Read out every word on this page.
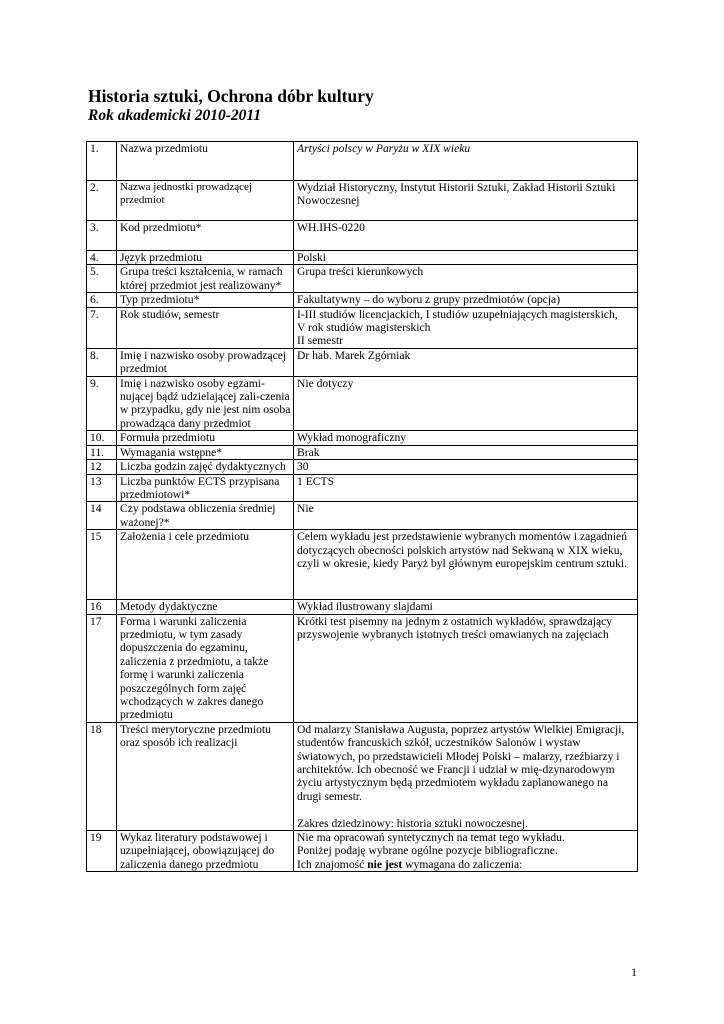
Historia sztuki, Ochrona dóbr kultury
Rok akademicki 2010-2011
1.	Nazwa przedmiotu	Artyści polscy w Paryżu w XIX wieku
2.	Nazwa jednostki prowadzącej przedmiot	Wydział Historyczny, Instytut Historii Sztuki, Zakład Historii Sztuki Nowoczesnej
3.	Kod przedmiotu*	WH.IHS-0220
4.	Język przedmiotu	Polski
5.	Grupa treści kształcenia, w ramach której przedmiot jest realizowany*	Grupa treści kierunkowych
6.	Typ przedmiotu*	Fakultatywny – do wyboru z grupy przedmiotów (opcja)
7.	Rok studiów, semestr	I-III studiów licencjackich, I studiów uzupełniających magisterskich,
V rok studiów magisterskich
II semestr

8.	Imię i nazwisko osoby prowadzącej przedmiot	Dr hab. Marek Zgórniak
9.	Imię i nazwisko osoby egzami-nującej bądź udzielającej zali-czenia w przypadku, gdy nie jest nim osoba prowadząca dany przedmiot	Nie dotyczy
10.	Formuła przedmiotu	Wykład monograficzny
11.	Wymagania wstępne*	Brak
12	Liczba godzin zajęć dydaktycznych	30
13	Liczba punktów ECTS przypisana przedmiotowi*	1 ECTS
14	Czy podstawa obliczenia średniej ważonej?*	Nie
15	Założenia i cele przedmiotu	Celem wykładu jest przedstawienie wybranych momentów i zagadnień dotyczących obecności polskich artystów nad Sekwaną w XIX wieku, czyli w okresie, kiedy Paryż był głównym europejskim centrum sztuki.
16	Metody dydaktyczne	Wykład ilustrowany slajdami
17	Forma i warunki zaliczenia przedmiotu, w tym zasady dopuszczenia do egzaminu, zaliczenia z przedmiotu, a także formę i warunki zaliczenia poszczególnych form zajęć wchodzących w zakres danego przedmiotu	Krótki test pisemny na jednym z ostatnich wykładów, sprawdzający przyswojenie wybranych istotnych treści omawianych na zajęciach
18	Treści merytoryczne przedmiotu oraz sposób ich realizacji	Od malarzy Stanisława Augusta, poprzez artystów Wielkiej Emigracji, studentów francuskich szkół, uczestników Salonów i wystaw światowych, po przedstawicieli Młodej Polski – malarzy, rzeźbiarzy i architektów. Ich obecność we Francji i udział w mię-dzynarodowym życiu artystycznym będą przedmiotem wykładu zaplanowanego na drugi semestr.
Zakres dziedzinowy: historia sztuki nowoczesnej.

19	Wykaz literatury podstawowej i uzupełniającej, obowiązującej do zaliczenia danego przedmiotu	Nie ma opracowań syntetycznych na temat tego wykładu.
Poniżej podaję wybrane ogólne pozycje bibliograficzne.
Ich znajomość nie jest wymagana do zaliczenia:
1
